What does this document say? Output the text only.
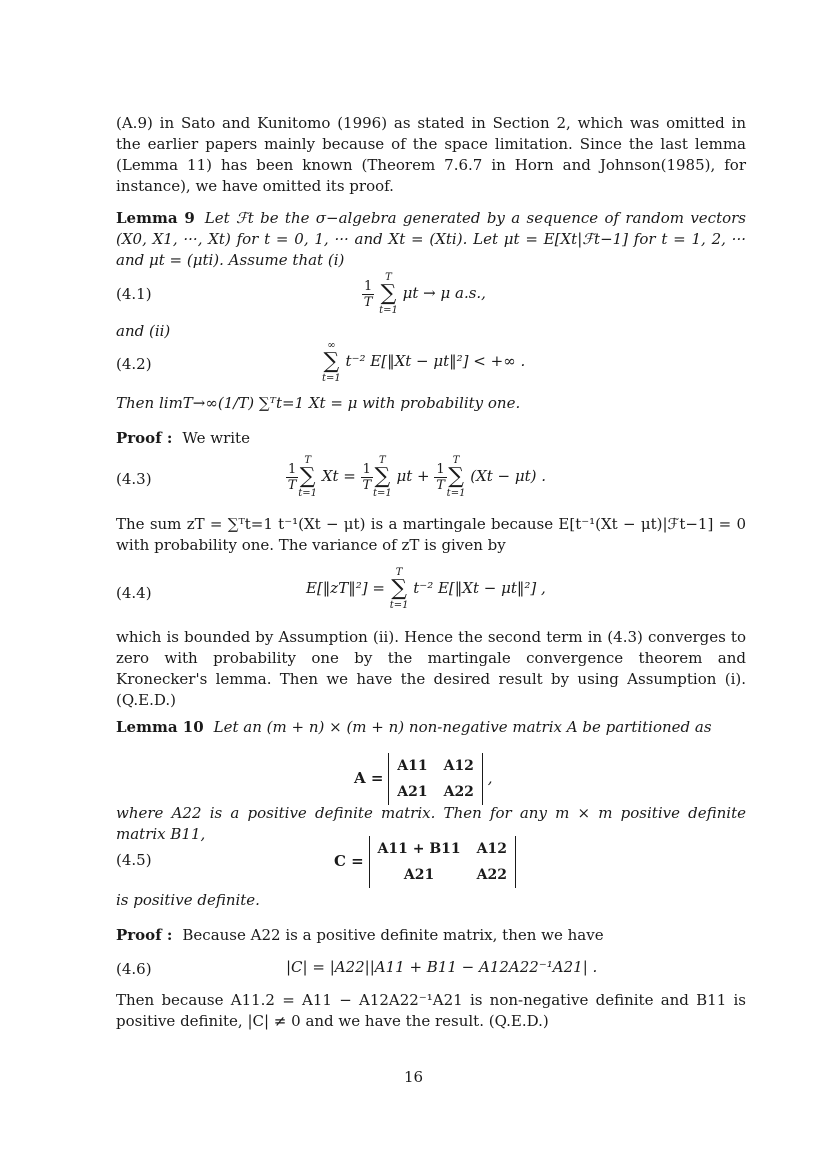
(A.9) in Sato and Kunitomo (1996) as stated in Section 2, which was omitted in the earlier papers mainly because of the space limitation. Since the last lemma (Lemma 11) has been known (Theorem 7.6.7 in Horn and Johnson(1985), for instance), we have omitted its proof.
Lemma 9 Let ℱt be the σ−algebra generated by a sequence of random vectors (X0, X1, ···, Xt) for t = 0, 1, ··· and Xt = (Xti). Let μt = E[Xt|ℱt−1] for t = 1, 2, ··· and μt = (μti). Assume that (i)
(4.1)	$\frac{1}{T}$

T
∑
t=1
μt → μ a.s.,
and (ii)
(4.2)
∞
∑
t=1
t⁻² E[‖Xt − μt‖²] < +∞ .
Then limT→∞(1/T) ∑ᵀt=1 Xt = μ with probability one.
Proof : We write
(4.3)	$\frac{1}{T}$
T
∑
t=1
$Xt = \frac{1}{T}$
T
∑
t=1
$\mu t + \frac{1}{T}$
T
∑
t=1
(Xt − μt) .
The sum zT = ∑ᵀt=1 t⁻¹(Xt − μt) is a martingale because E[t⁻¹(Xt − μt)|ℱt−1] = 0 with probability one. The variance of zT is given by
(4.4)	E[‖zT‖²] =
T
∑
t=1
t⁻² E[‖Xt − μt‖²] ,
which is bounded by Assumption (ii). Hence the second term in (4.3) converges to zero with probability one by the martingale convergence theorem and Kronecker's lemma. Then we have the desired result by using Assumption (i). (Q.E.D.)
Lemma 10 Let an (m + n) × (m + n) non-negative matrix A be partitioned as
A = A11	A12
A21	A22 ,
where A22 is a positive definite matrix. Then for any m × m positive definite matrix B11,
(4.5)	C = A11 + B11	A12
A21	A22
is positive definite.
Proof : Because A22 is a positive definite matrix, then we have
(4.6)	|C| = |A22||A11 + B11 − A12A22⁻¹A21| .
Then because A11.2 = A11 − A12A22⁻¹A21 is non-negative definite and B11 is positive definite, |C| ≠ 0 and we have the result. (Q.E.D.)
16
